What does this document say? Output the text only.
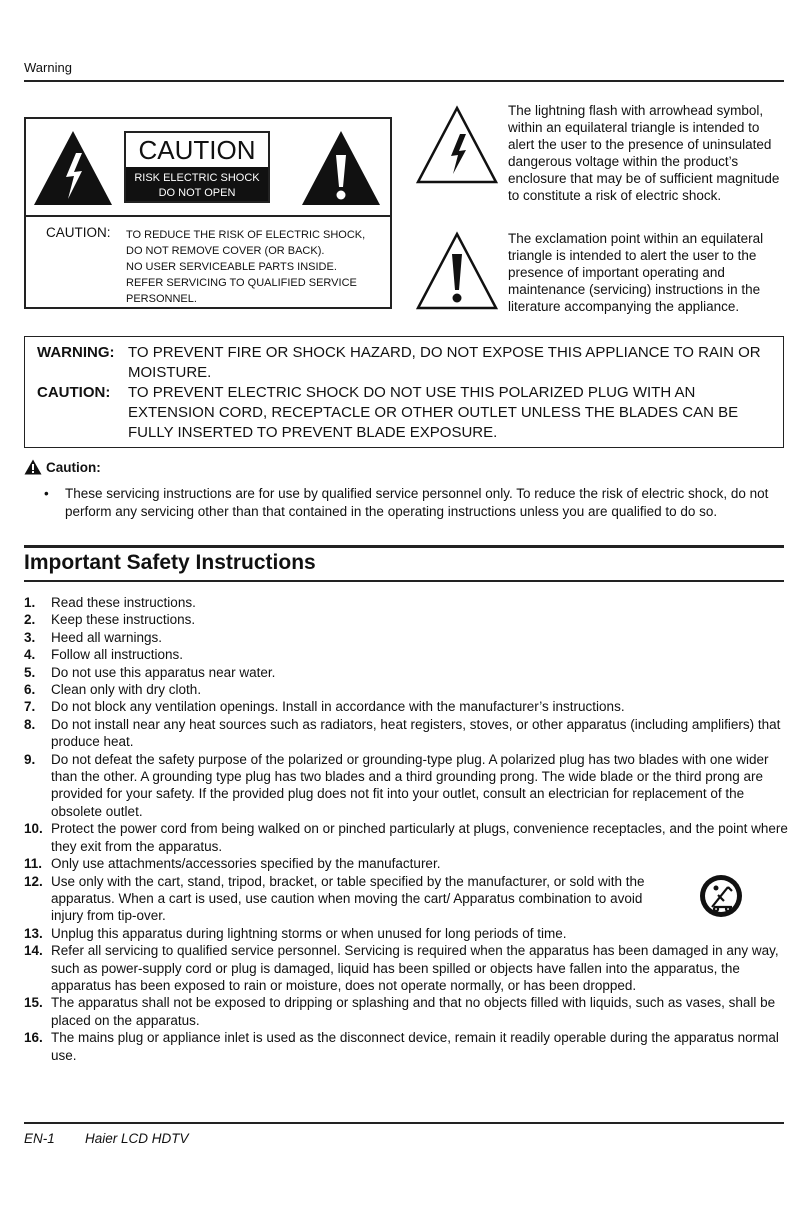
Warning
CAUTION
RISK ELECTRIC SHOCK
DO NOT OPEN
CAUTION: TO REDUCE THE RISK OF ELECTRIC SHOCK,
DO NOT REMOVE COVER (OR BACK).
NO USER SERVICEABLE PARTS INSIDE.
REFER SERVICING TO QUALIFIED SERVICE
PERSONNEL.
The lightning flash with arrowhead symbol, within an equilateral triangle is intended to alert the user to the presence of uninsulated dangerous voltage within the product’s enclosure that may be of sufficient magnitude to constitute a risk of electric shock.
The exclamation point within an equilateral triangle is intended to alert the user to the presence of important operating and maintenance (servicing) instructions in the literature accompanying the appliance.
WARNING: TO PREVENT FIRE OR SHOCK HAZARD, DO NOT EXPOSE THIS APPLIANCE TO RAIN OR MOISTURE.
CAUTION: TO PREVENT ELECTRIC SHOCK DO NOT USE THIS POLARIZED PLUG WITH AN EXTENSION CORD, RECEPTACLE OR OTHER OUTLET UNLESS THE BLADES CAN BE FULLY INSERTED TO PREVENT BLADE EXPOSURE.
Caution:
• These servicing instructions are for use by qualified service personnel only. To reduce the risk of electric shock, do not perform any servicing other than that contained in the operating instructions unless you are qualified to do so.
Important Safety Instructions
1. Read these instructions.
2. Keep these instructions.
3. Heed all warnings.
4. Follow all instructions.
5. Do not use this apparatus near water.
6. Clean only with dry cloth.
7. Do not block any ventilation openings. Install in accordance with the manufacturer’s instructions.
8. Do not install near any heat sources such as radiators, heat registers, stoves, or other apparatus (including amplifiers) that produce heat.
9. Do not defeat the safety purpose of the polarized or grounding-type plug. A polarized plug has two blades with one wider than the other. A grounding type plug has two blades and a third grounding prong. The wide blade or the third prong are provided for your safety. If the provided plug does not fit into your outlet, consult an electrician for replacement of the obsolete outlet.
10. Protect the power cord from being walked on or pinched particularly at plugs, convenience receptacles, and the point where they exit from the apparatus.
11. Only use attachments/accessories specified by the manufacturer.
12. Use only with the cart, stand, tripod, bracket, or table specified by the manufacturer, or sold with the apparatus. When a cart is used, use caution when moving the cart/ Apparatus combination to avoid injury from tip-over.
13. Unplug this apparatus during lightning storms or when unused for long periods of time.
14. Refer all servicing to qualified service personnel. Servicing is required when the apparatus has been damaged in any way, such as power-supply cord or plug is damaged, liquid has been spilled or objects have fallen into the apparatus, the apparatus has been exposed to rain or moisture, does not operate normally, or has been dropped.
15. The apparatus shall not be exposed to dripping or splashing and that no objects filled with liquids, such as vases, shall be placed on the apparatus.
16. The mains plug or appliance inlet is used as the disconnect device, remain it readily operable during the apparatus normal use.
EN-1 Haier LCD HDTV
